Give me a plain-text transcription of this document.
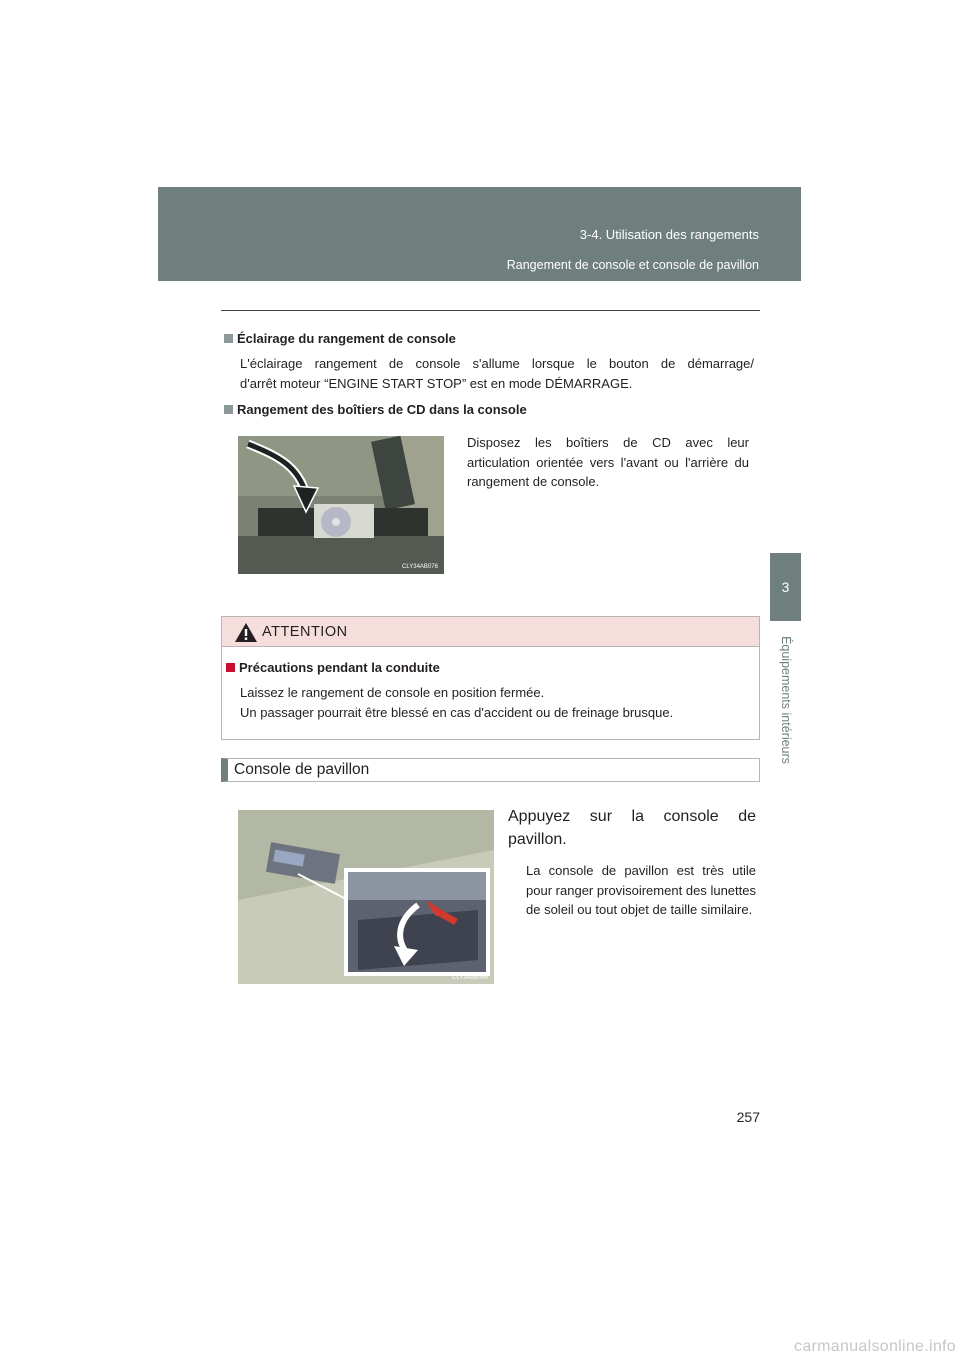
3-4. Utilisation des rangements
Rangement de console et console de pavillon
3
Équipements intérieurs
Éclairage du rangement de console
L'éclairage rangement de console s'allume lorsque le bouton de démarrage/
d'arrêt moteur “ENGINE START STOP” est en mode DÉMARRAGE.
Rangement des boîtiers de CD dans la console
CLY34AB076
Disposez les boîtiers de CD avec leur articulation orientée vers l'avant ou l'arrière du rangement de console.
ATTENTION
Précautions pendant la conduite
Laissez le rangement de console en position fermée.
Un passager pourrait être blessé en cas d'accident ou de freinage brusque.
Console de pavillon
CLY34AB069
Appuyez sur la console de
pavillon.
La console de pavillon est très utile pour ranger provisoirement des lunettes de soleil ou tout objet de taille similaire.
257
carmanualsonline.info
